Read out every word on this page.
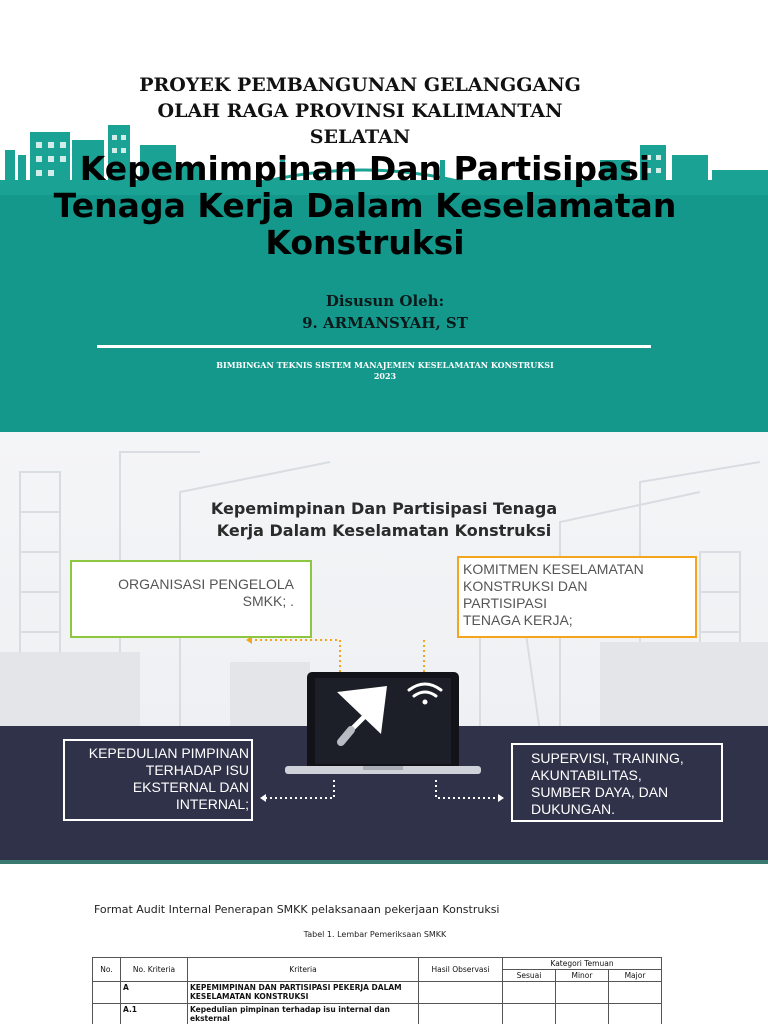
PROYEK PEMBANGUNAN GELANGGANG
OLAH RAGA PROVINSI KALIMANTAN
SELATAN
Kepemimpinan Dan Partisipasi
Tenaga Kerja Dalam Keselamatan
Konstruksi
Disusun Oleh:
9. ARMANSYAH, ST
BIMBINGAN TEKNIS SISTEM MANAJEMEN KESELAMATAN KONSTRUKSI
2023
Kepemimpinan Dan Partisipasi Tenaga
Kerja Dalam Keselamatan Konstruksi
ORGANISASI PENGELOLA
SMKK; .
KOMITMEN KESELAMATAN
KONSTRUKSI DAN
PARTISIPASI
TENAGA KERJA;
KEPEDULIAN PIMPINAN
TERHADAP ISU
EKSTERNAL DAN
INTERNAL;
SUPERVISI, TRAINING,
AKUNTABILITAS,
SUMBER DAYA, DAN
DUKUNGAN.
Format Audit Internal Penerapan SMKK pelaksanaan pekerjaan Konstruksi
Tabel 1. Lembar Pemeriksaan SMKK
No.	No. Kriteria	Kriteria	Hasil Observasi	Kategori Temuan		
				Sesuai	Minor	Major
	A	KEPEMIMPINAN DAN PARTISIPASI PEKERJA DALAM KESELAMATAN KONSTRUKSI				
	A.1	Kepedulian pimpinan terhadap isu internal dan eksternal				
